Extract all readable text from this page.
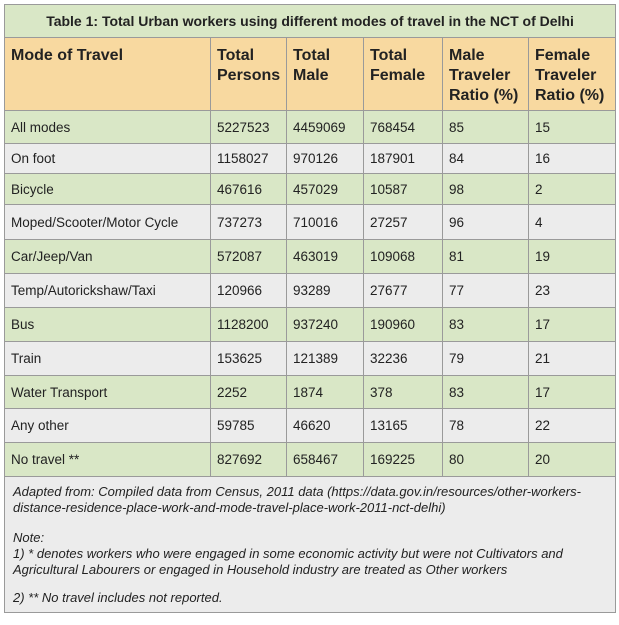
Table 1: Total Urban workers using different modes of travel in the NCT of Delhi					
Mode of Travel	Total Persons	Total Male	Total Female	Male Traveler Ratio (%)	Female Traveler Ratio (%)
All modes	5227523	4459069	768454	85	15
On foot	1158027	970126	187901	84	16
Bicycle	467616	457029	10587	98	2
Moped/Scooter/Motor Cycle	737273	710016	27257	96	4
Car/Jeep/Van	572087	463019	109068	81	19
Temp/Autorickshaw/Taxi	120966	93289	27677	77	23
Bus	1128200	937240	190960	83	17
Train	153625	121389	32236	79	21
Water Transport	2252	1874	378	83	17
Any other	59785	46620	13165	78	22
No travel **	827692	658467	169225	80	20

Adapted from: Compiled data from Census, 2011 data (https://data.gov.in/resources/other-workers-distance-residence-place-work-and-mode-travel-place-work-2011-nct-delhi)

Note:

1) * denotes workers who were engaged in some economic activity but were not Cultivators and Agricultural Labourers or engaged in Household industry are treated as Other workers

2) ** No travel includes not reported.					
